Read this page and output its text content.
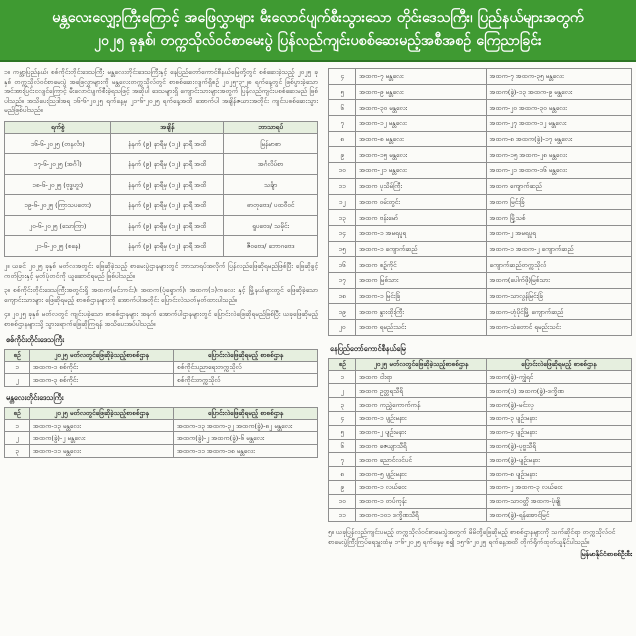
မန္တလေးလျှော့ကြီးကြောင့် အဖြေလွှာများ မီးလောင်ပျက်စီးသွားသော တိုင်းဒေသကြီး၊ ပြည်နယ်များအတွက်
၂၀၂၅ ခုနှစ်၊ တက္ကသိုလ်ဝင်စာမေးပွဲ ပြန်လည်ကျင်းပစစ်ဆေးမည့်အစီအစဉ် ကြေညာခြင်း

၁။ ကမ္ဘာ့ပြည်နယ်၊ စစ်ကိုင်းတိုင်းဒေသကြီး မန္တလေးတိုင်းဒေသကြီးနှင့် နေပြည်တော်ကောင်စီနယ်မြေတို့တွင် စစ်ဆေးခဲ့သည့် ၂၀၂၅ ခုနှစ် တက္ကသိုလ်ဝင်စာမေးပွဲ အဖြေလွှာများကို မန္တလေးတက္ကသိုလ်တွင် စာစစ်ဆေးလျက်ရှိစဉ် ၂၀၂၅-၃-၂၈ ရက်နေ့တွင် ဖြစ်ပွားခဲ့သော အင်အားပြင်းငလျင်ကြောင့် မီးလောင်ပျက်စီးခဲ့ရသဖြင့် အဆိုပါ ဒေသများရှိ ကျောင်းသားများအတွက် ပြန်လည်ကျင်းပစစ်ဆေးမည် ဖြစ်ပါသည်။ အသိပေးသြဒါအရ ၁၆-၆-၂၀၂၅ ရက်နေ့မှ ၂၁-၆-၂၀၂၅ ရက်နေ့အထိ အောက်ပါ အချိန်ဇယားအတိုင်း ကျင်းပစစ်ဆေးသွားမည်ဖြစ်ပါသည်။

ရက်စွဲ	အချိန်	ဘာသာရပ်
၁၆-၆-၂၀၂၅ (တနင်္လာ)	နံနက် (၉) နာရီမှ (၁၂) နာရီ အထိ	မြန်မာစာ
၁၇-၆-၂၀၂၅ (အင်္ဂါ)	နံနက် (၉) နာရီမှ (၁၂) နာရီ အထိ	အင်္ဂလိပ်စာ
၁၈-၆-၂၀၂၅ (ဗုဒ္ဓဟူး)	နံနက် (၉) နာရီမှ (၁၂) နာရီ အထိ	သင်္ချာ
၁၉-၆-၂၀၂၅ (ကြာသပတေး)	နံနက် (၉) နာရီမှ (၁၂) နာရီ အထိ	ဓာတုဗေဒ/ ပထဝီဝင်
၂၀-၆-၂၀၂၅ (သောကြာ)	နံနက် (၉) နာရီမှ (၁၂) နာရီ အထိ	ရူပဗေဒ/ သမိုင်း
၂၁-၆-၂၀၂၅ (စနေ)	နံနက် (၉) နာရီမှ (၁၂) နာရီ အထိ	ဇီဝဗေဒ/ ဘောဂဗေဒ

၂။ ယခင် ၂၀၂၅ ခုနှစ် မတ်လအတွင်း ဖြေဆိုခဲ့သည့် စာမေးပွဲဌာနများတွင် ဘာသာရပ်အလိုက် ပြန်လည်ဖြေဆိုရမည်ဖြစ်ပြီး ဖြေဆိုခွင့်ကတ်ပြားနှင့် မှတ်ပုံတင်ကို ယူဆောင်ရမည် ဖြစ်ပါသည်။

၃။ စစ်ကိုင်းတိုင်းဒေသကြီးအတွင်းရှိ အထက(မင်းကင်း)၊ အထက(ပုံရှောက်)၊ အထက(၁)ကလေး နှင့် မြို့နယ်များတွင် ဖြေဆိုခဲ့သော ကျောင်းသားများ ဖြေဆိုရမည့် စာစစ်ဌာနများကို အောက်ပါအတိုင်း ပြောင်းလဲသတ်မှတ်ထားပါသည်။

၄။ ၂၀၂၅ ခုနှစ် မတ်လတွင် ကျင်းပခဲ့သော စာစစ်ဌာနများ အနက် အောက်ပါဌာနများတွင် ပြောင်းလဲဖြေဆိုရမည်ဖြစ်ပြီး ယခုဖြေဆိုမည့် စာစစ်ဌာနများသို့ သွားရောက်ဖြေဆိုကြရန် အသိပေးအပ်ပါသည်။

စစ်ကိုင်းတိုင်းဒေသကြီး
စဉ်	၂၀၂၅ မတ်လတွင်ဖြေဆိုခဲ့သည့်စာစစ်ဌာန	ပြောင်းလဲဖြေဆိုရမည့် စာစစ်ဌာန
၁	အထက-၁ စစ်ကိုင်း	စစ်ကိုင်းပညာရေးတက္ကသိုလ်
၂	အထက-၃ စစ်ကိုင်း	စစ်ကိုင်းတက္ကသိုလ်
မန္တလေးတိုင်းဒေသကြီး
စဉ်	၂၀၂၅ မတ်လတွင်ဖြေဆိုခဲ့သည့်စာစစ်ဌာန	ပြောင်းလဲဖြေဆိုရမည့် စာစစ်ဌာန
၁	အထက-၁၃ မန္တလေး	အထက-၁၃ အထက-၃၂ အထက(ခွဲ)-၈၂ မန္တလေး
၂	အထက(ခွဲ)-၂ မန္တလေး	အထက(ခွဲ)-၂ အထက(ခွဲ)-၆ မန္တလေး
၃	အထက-၁၁ မန္တလေး	အထက-၁၁ အထက-၁၈ မန္တလေး
၄	အထက-၇ မန္တလေး	အထက-၇ အထက-၃၅ မန္တလေး
၅	အထက-၉ မန္တလေး	အထက(ခွဲ)-၁၃ အထက-၉ မန္တလေး
၆	အထက-၃၀ မန္တလေး	အထက-၂၀ အထက-၃၀ မန္တလေး
၇	အထက-၁၂ မန္တလေး	အထက-၂၇ အထက-၁၂ မန္တလေး
၈	အထက-၈ မန္တလေး	အထက-၈ အထက(ခွဲ)-၁၇ မန္တလေး
၉	အထက-၁၅ မန္တလေး	အထက-၁၅ အထက-၂၈ မန္တလေး
၁၀	အထက-၂၁ မန္တလေး	အထက-၂၁ အထက-၁၆ မန္တလေး
၁၁	အထက ပုသိမ်ကြီး	အထက ကျောက်ဆည်
၁၂	အထက ဝမ်းတွင်း	အထက မြင်းခြံ
၁၃	အထက ဗန်းမော်	အထက မြို့သစ်
၁၄	အထက-၁ အမရပူရ	အထက-၂ အမရပူရ
၁၅	အထက-၁ ကျောက်ဆည်	အထက-၁ အထက-၂ ကျောက်ဆည်
၁၆	အထက စဉ့်ကိုင်	ကျောက်ဆည်တက္ကသိုလ်
၁၇	အထက မြစ်သား	အထက(ပေါက်ဖို)မြစ်သား
၁၈	အထက-၁ မြင်းခြံ	အထက-သာလွန်မြင်းခြံ
၁၉	အထက နွားထိုးကြီး	အထက-ဟုံပိုင်မြို့ ကျောက်ဆည်
၂၀	အထက ရမည်းသင်း	အထက-သံတောင် ရမည်းသင်း
နေပြည်တော်ကောင်စီနယ်မြေ
စဉ်	၂၀၂၅ မတ်လတွင်ဖြေဆိုခဲ့သည့်စာစစ်ဌာန	ပြောင်းလဲဖြေဆိုရမည့် စာစစ်ဌာန
၁	အထက ငါးရာ	အထက(ခွဲ)-ကျွဲရင်
၂	အထက ဥတ္တရသီရိ	အထက(၁) အထက(ခွဲ)-ဒက္ခိဏ
၃	အထက ကညွှဲကောက်ကန်	အထက(ခွဲ)-မင်းလှ
၄	အထက-၁ ပျဉ်းမနား	အထက-၃ ပျဉ်းမနား
၅	အထက-၂ ပျဉ်းမနား	အထက-၄ ပျဉ်းမနား
၆	အထက ဇေယျာသီရိ	အထက(ခွဲ)-ပုဗ္ဗသီရိ
၇	အထက ညောင်လင်ပင်	အထက(ခွဲ)-ပျဉ်းမနား
၈	အထက-၅ ပျဉ်းမနား	အထက-၈ ပျဉ်းမနား
၉	အထက-၁ လယ်ဝေး	အထက-၂ အထက-၃ လယ်ဝေး
၁၀	အထက-၁ တပ်ကုန်း	အထက-သာဝတ္တိ အထက-ပုံချို
၁၁	အထက-၁၀၁ ဒက္ခိဏသီရိ	အထက(ခွဲ)-ရန်အောင်မြင်

၅။ ယခုပြန်လည်ကျင်းပမည့် တက္ကသိုလ်ဝင်စာမေးပွဲအတွက် မိမိတို့ဖြေဆိုမည့် စာစစ်ဌာနများကို သက်ဆိုင်ရာ တက္ကသိုလ်ဝင်စာမေးပွဲကြီးကြပ်ရေးမှူးထံမှ ၁-၆-၂၀၂၅ ရက်နေ့မှ စ၍ ၁၅-၆-၂၀၂၅ ရက်နေ့အထိ တိုက်ရိုက်ထုတ်ယူနိုင်ပါသည်။

မြန်မာနိုင်ငံစာစစ်ဦးစီး
